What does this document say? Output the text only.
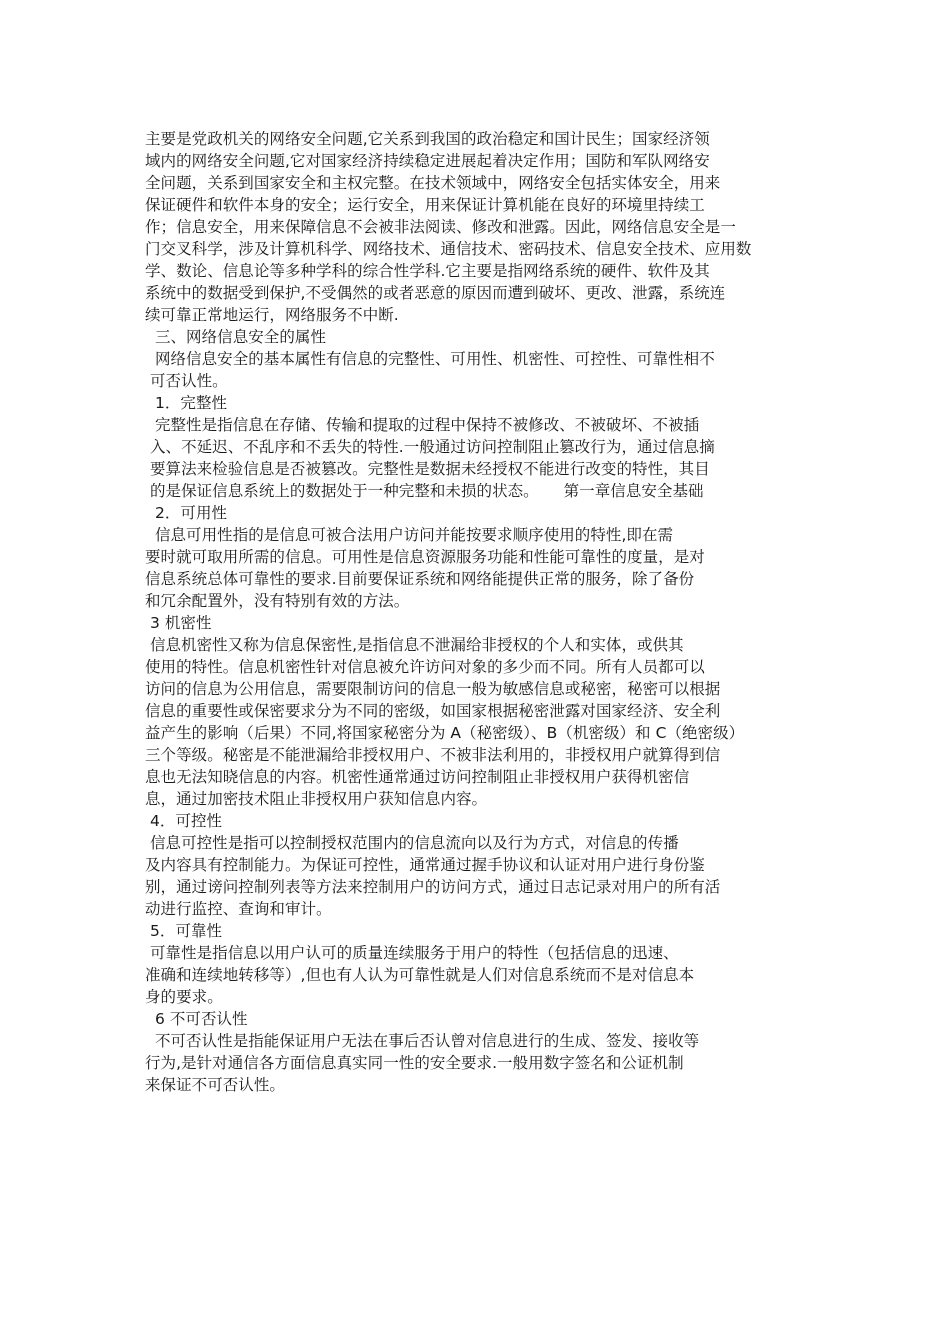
主要是党政机关的网络安全问题,它关系到我国的政治稳定和国计民生；国家经济领

域内的网络安全问题,它对国家经济持续稳定进展起着决定作用；国防和军队网络安

全问题，关系到国家安全和主权完整。在技术领域中，网络安全包括实体安全，用来

保证硬件和软件本身的安全；运行安全，用来保证计算机能在良好的环境里持续工

作；信息安全，用来保障信息不会被非法阅读、修改和泄露。因此，网络信息安全是一

门交叉科学，涉及计算机科学、网络技术、通信技术、密码技术、信息安全技术、应用数

学、数论、信息论等多种学科的综合性学科.它主要是指网络系统的硬件、软件及其

系统中的数据受到保护,不受偶然的或者恶意的原因而遭到破坏、更改、泄露，系统连

续可靠正常地运行，网络服务不中断.

三、网络信息安全的属性

网络信息安全的基本属性有信息的完整性、可用性、机密性、可控性、可靠性相不

可否认性。

1．完整性

完整性是指信息在存储、传输和提取的过程中保持不被修改、不被破坏、不被插

入、不延迟、不乱序和不丢失的特性.一般通过访问控制阻止篡改行为，通过信息摘

要算法来检验信息是否被篡改。完整性是数据未经授权不能进行改变的特性，其目

的是保证信息系统上的数据处于一种完整和未损的状态。     第一章信息安全基础

2．可用性

信息可用性指的是信息可被合法用户访问并能按要求顺序使用的特性,即在需

要时就可取用所需的信息。可用性是信息资源服务功能和性能可靠性的度量，是对

信息系统总体可靠性的要求.目前要保证系统和网络能提供正常的服务，除了备份

和冗余配置外，没有特别有效的方法。

3 机密性

信息机密性又称为信息保密性,是指信息不泄漏给非授权的个人和实体，或供其

使用的特性。信息机密性针对信息被允许访问对象的多少而不同。所有人员都可以

访问的信息为公用信息，需要限制访问的信息一般为敏感信息或秘密，秘密可以根据

信息的重要性或保密要求分为不同的密级，如国家根据秘密泄露对国家经济、安全利

益产生的影响（后果）不同,将国家秘密分为 A（秘密级）、B（机密级）和 C（绝密级）

三个等级。秘密是不能泄漏给非授权用户、不被非法利用的，非授权用户就算得到信

息也无法知晓信息的内容。机密性通常通过访问控制阻止非授权用户获得机密信

息，通过加密技术阻止非授权用户获知信息内容。

4．可控性

信息可控性是指可以控制授权范围内的信息流向以及行为方式，对信息的传播

及内容具有控制能力。为保证可控性，通常通过握手协议和认证对用户进行身份鉴

别，通过谤问控制列表等方法来控制用户的访问方式，通过日志记录对用户的所有活

动进行监控、查询和审计。

5．可靠性

可靠性是指信息以用户认可的质量连续服务于用户的特性（包括信息的迅速、

准确和连续地转移等）,但也有人认为可靠性就是人们对信息系统而不是对信息本

身的要求。

6 不可否认性

不可否认性是指能保证用户无法在事后否认曾对信息进行的生成、签发、接收等

行为,是针对通信各方面信息真实同一性的安全要求.一般用数字签名和公证机制

来保证不可否认性。
